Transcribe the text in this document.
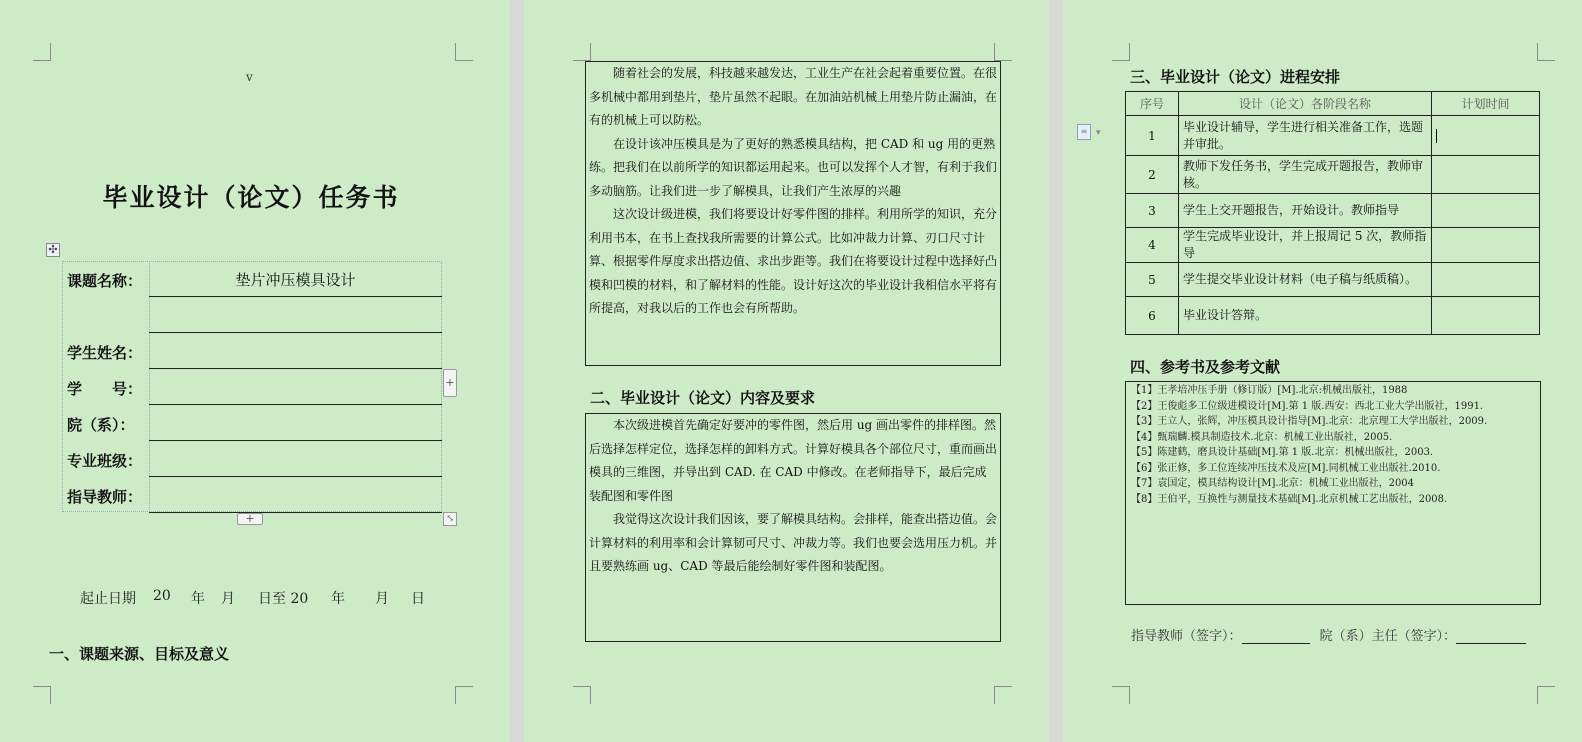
v
毕业设计（论文）任务书
✣
课题名称：	垫片冲压模具设计
学生姓名：
学　　号：
院（系）：
专业班级：
指导教师：
+
+	⤡
起止日期 20 年 月 日至 20 年 月 日
一、课题来源、目标及意义

随着社会的发展，科技越来越发达，工业生产在社会起着重要位置。在很多机械中都用到垫片，垫片虽然不起眼。在加油站机械上用垫片防止漏油，在有的机械上可以防松。

在设计该冲压模具是为了更好的熟悉模具结构，把 CAD 和 ug 用的更熟练。把我们在以前所学的知识都运用起来。也可以发挥个人才智，有利于我们多动脑筋。让我们进一步了解模具，让我们产生浓厚的兴趣

这次设计级进模，我们将要设计好零件图的排样。利用所学的知识，充分利用书本，在书上查找我所需要的计算公式。比如冲裁力计算、刃口尺寸计算、根据零件厚度求出搭边值、求出步距等。我们在将要设计过程中选择好凸模和凹模的材料，和了解材料的性能。设计好这次的毕业设计我相信水平将有所提高，对我以后的工作也会有所帮助。

二、毕业设计（论文）内容及要求

本次级进模首先确定好要冲的零件图，然后用 ug 画出零件的排样图。然后选择怎样定位，选择怎样的卸料方式。计算好模具各个部位尺寸，重而画出模具的三维图，并导出到 CAD. 在 CAD 中修改。在老师指导下，最后完成装配图和零件图

我觉得这次设计我们因该，要了解模具结构。会排样，能查出搭边值。会计算材料的利用率和会计算韧可尺寸、冲裁力等。我们也要会选用压力机。并且要熟练画 ug、CAD 等最后能绘制好零件图和装配图。

≡ ▾
三、毕业设计（论文）进程安排
序号	设计（论文）各阶段名称	计划时间
1	毕业设计辅导，学生进行相关准备工作，选题并审批。	
2	教师下发任务书，学生完成开题报告，教师审核。	
3	学生上交开题报告，开始设计。教师指导	
4	学生完成毕业设计，并上报周记 5 次，教师指导	
5	学生提交毕业设计材料（电子稿与纸质稿）。	
6	毕业设计答辩。	
四、参考书及参考文献
【1】王孝培冲压手册（修订版）[M].北京:机械出版社，1988
【2】王俊彪多工位级进模设计[M].第 1 版.西安：西北工业大学出版社，1991.
【3】王立人，张辉，冲压模具设计指导[M].北京：北京理工大学出版社，2009.
【4】甄瑞麟.模具制造技术.北京：机械工业出版社，2005.
【5】陈建鹤，磨具设计基础[M].第 1 版.北京：机械出版社，2003.
【6】张正修，多工位连续冲压技术及应[M].同机械工业出版社.2010.
【7】袁国定，模具结构设计[M].北京：机械工业出版社，2004
【8】王伯平，互换性与测量技术基础[M].北京机械工艺出版社，2008.
指导教师（签字）：	院（系）主任（签字）：
